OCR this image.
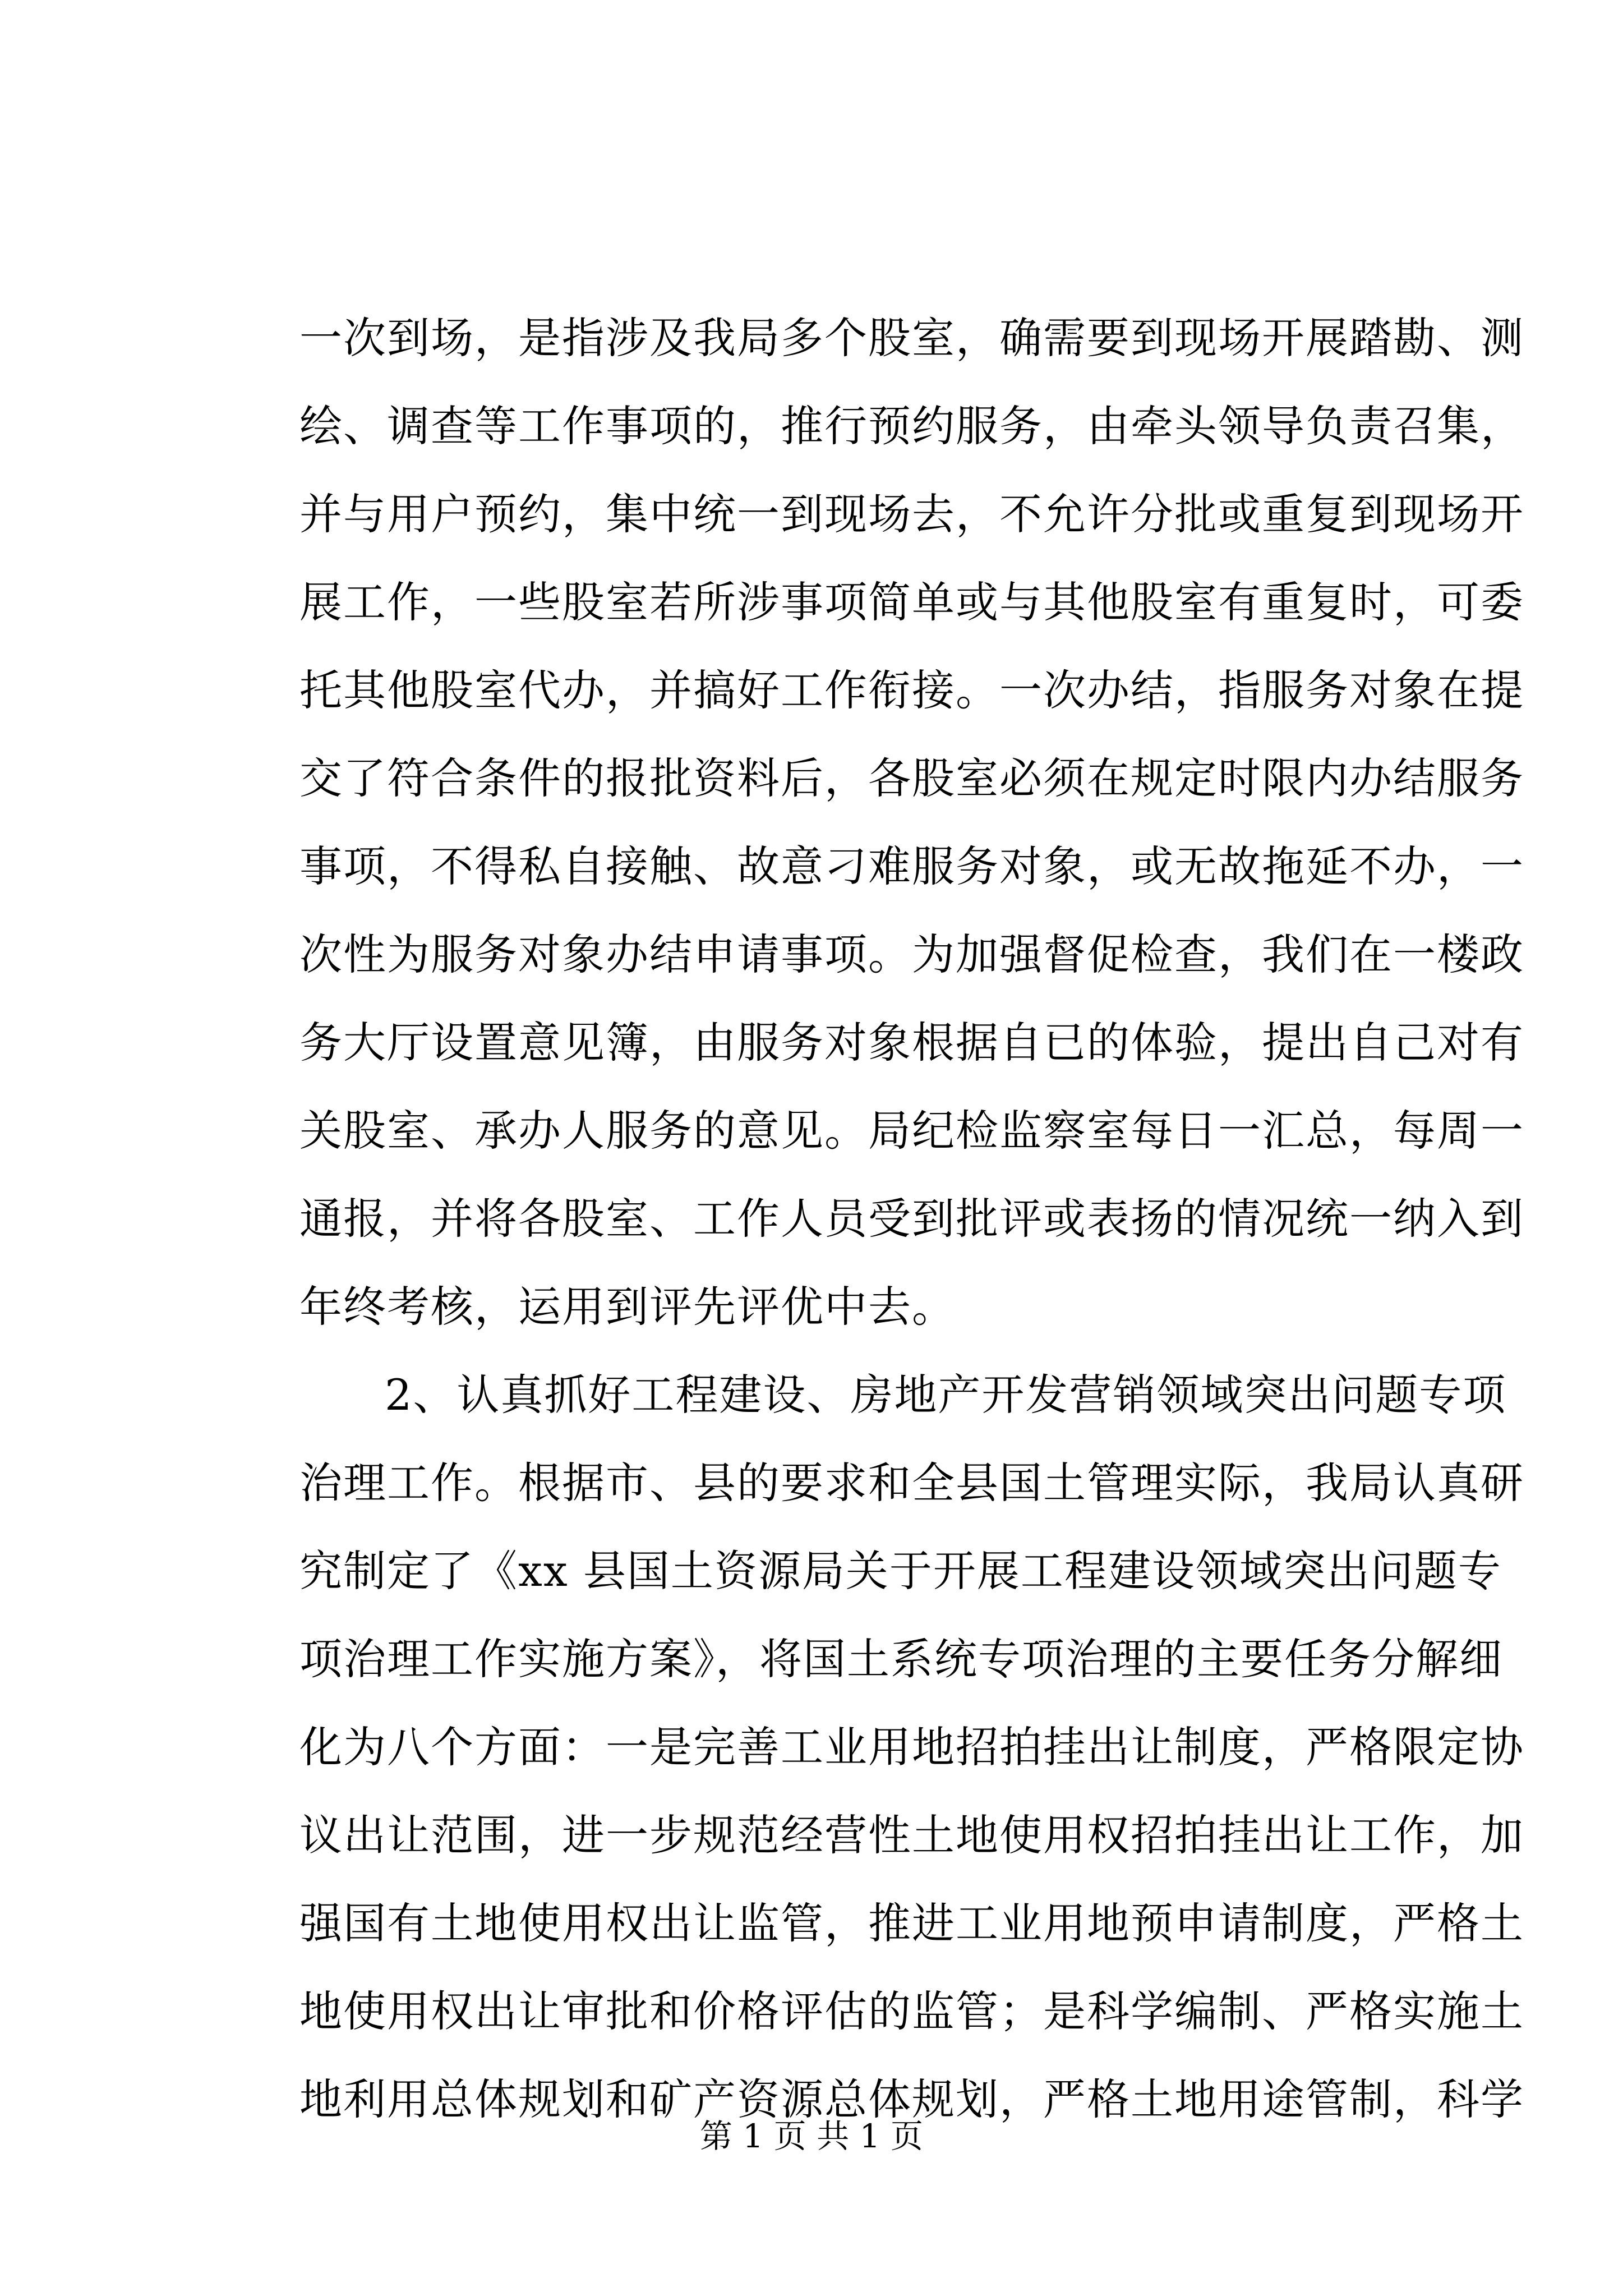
一次到场，是指涉及我局多个股室，确需要到现场开展踏勘、测
绘、调查等工作事项的，推行预约服务，由牵头领导负责召集，
并与用户预约，集中统一到现场去，不允许分批或重复到现场开
展工作，一些股室若所涉事项简单或与其他股室有重复时，可委
托其他股室代办，并搞好工作衔接。一次办结，指服务对象在提
交了符合条件的报批资料后，各股室必须在规定时限内办结服务
事项，不得私自接触、故意刁难服务对象，或无故拖延不办，一
次性为服务对象办结申请事项。为加强督促检查，我们在一楼政
务大厅设置意见簿，由服务对象根据自已的体验，提出自己对有
关股室、承办人服务的意见。局纪检监察室每日一汇总，每周一
通报，并将各股室、工作人员受到批评或表扬的情况统一纳入到
年终考核，运用到评先评优中去。
2、认真抓好工程建设、房地产开发营销领域突出问题专项
治理工作。根据市、县的要求和全县国土管理实际，我局认真研
究制定了《xx 县国土资源局关于开展工程建设领域突出问题专
项治理工作实施方案》，将国土系统专项治理的主要任务分解细
化为八个方面：一是完善工业用地招拍挂出让制度，严格限定协
议出让范围，进一步规范经营性土地使用权招拍挂出让工作，加
强国有土地使用权出让监管，推进工业用地预申请制度，严格土
地使用权出让审批和价格评估的监管；是科学编制、严格实施土
地利用总体规划和矿产资源总体规划，严格土地用途管制，科学
第 1 页 共 1 页
